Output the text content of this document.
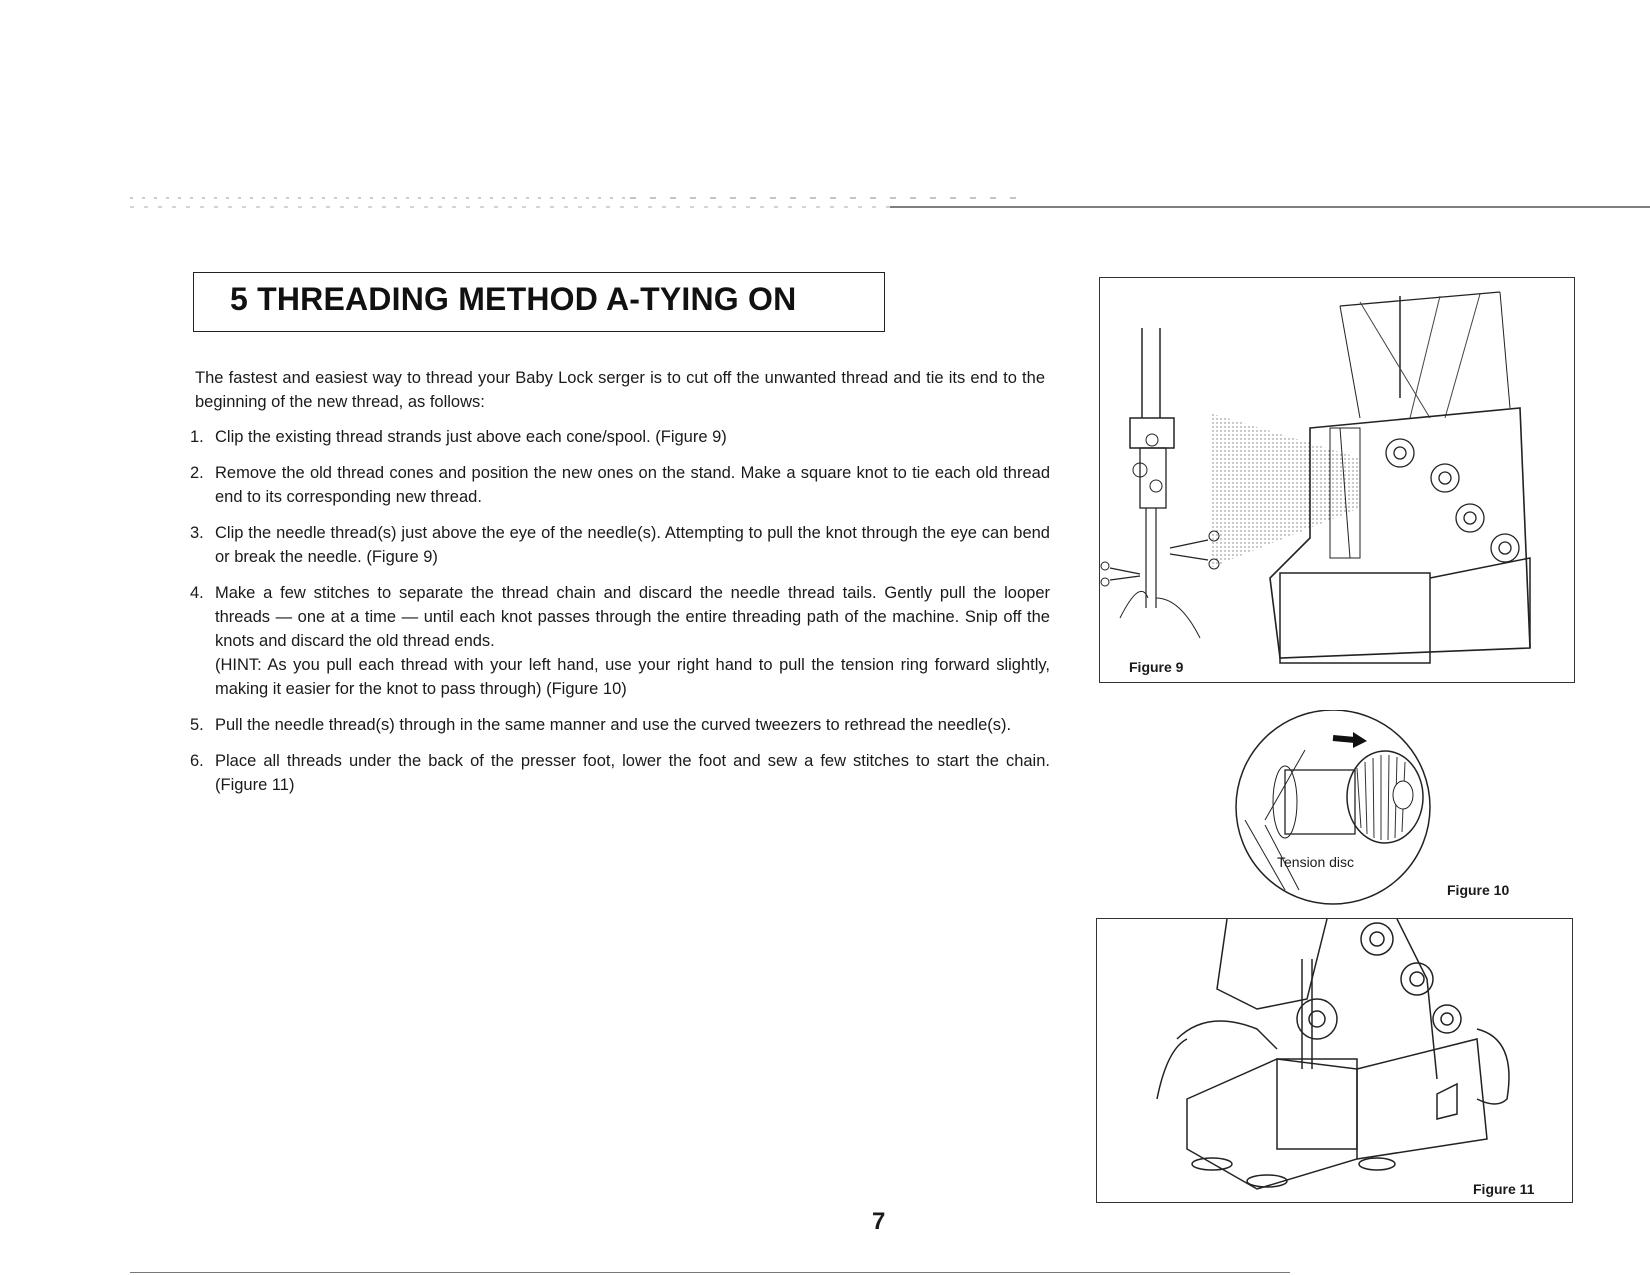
5 THREADING METHOD A-TYING ON

The fastest and easiest way to thread your Baby Lock serger is to cut off the unwanted thread and tie its end to the beginning of the new thread, as follows:

1. Clip the existing thread strands just above each cone/spool. (Figure 9)
2. Remove the old thread cones and position the new ones on the stand. Make a square knot to tie each old thread end to its corresponding new thread.
3. Clip the needle thread(s) just above the eye of the needle(s). Attempting to pull the knot through the eye can bend or break the needle. (Figure 9)
4. Make a few stitches to separate the thread chain and discard the needle thread tails. Gently pull the looper threads — one at a time — until each knot passes through the entire threading path of the machine. Snip off the knots and discard the old thread ends.
(HINT: As you pull each thread with your left hand, use your right hand to pull the tension ring forward slightly, making it easier for the knot to pass through) (Figure 10)
5. Pull the needle thread(s) through in the same manner and use the curved tweezers to rethread the needle(s).
6. Place all threads under the back of the presser foot, lower the foot and sew a few stitches to start the chain. (Figure 11)
Figure 9
Tension disc
Figure 10
Figure 11
7
